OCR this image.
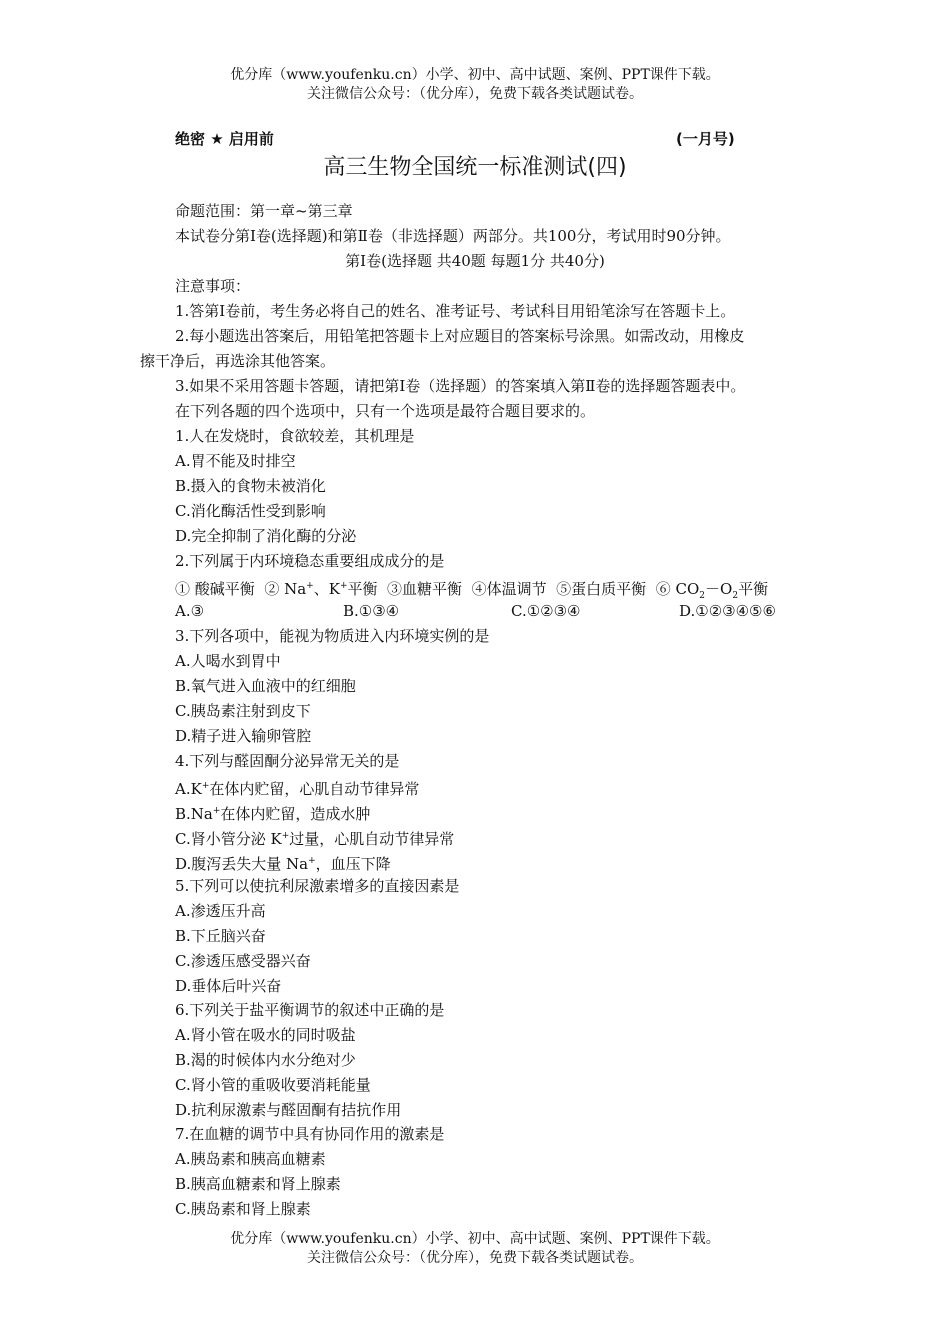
优分库（www.youfenku.cn）小学、初中、高中试题、案例、PPT课件下载。
关注微信公众号：（优分库），免费下载各类试题试卷。
绝密 ★ 启用前	(一月号)
高三生物全国统一标准测试(四)
命题范围：第一章~第三章
本试卷分第Ⅰ卷(选择题)和第Ⅱ卷（非选择题）两部分。共100分，考试用时90分钟。
第Ⅰ卷(选择题 共40题 每题1分 共40分)
注意事项：
1.答第Ⅰ卷前，考生务必将自己的姓名、准考证号、考试科目用铅笔涂写在答题卡上。
2.每小题选出答案后，用铅笔把答题卡上对应题目的答案标号涂黑。如需改动，用橡皮
擦干净后，再选涂其他答案。
3.如果不采用答题卡答题，请把第Ⅰ卷（选择题）的答案填入第Ⅱ卷的选择题答题表中。
在下列各题的四个选项中，只有一个选项是最符合题目要求的。
1.人在发烧时，食欲较差，其机理是
A.胃不能及时排空
B.摄入的食物未被消化
C.消化酶活性受到影响
D.完全抑制了消化酶的分泌
2.下列属于内环境稳态重要组成成分的是
① 酸碱平衡 ② Na+、K+平衡 ③血糖平衡 ④体温调节 ⑤蛋白质平衡 ⑥ $CO_2-O_2$平衡
A.③	B.①③④	C.①②③④	D.①②③④⑤⑥
3.下列各项中，能视为物质进入内环境实例的是
A.人喝水到胃中
B.氧气进入血液中的红细胞
C.胰岛素注射到皮下
D.精子进入输卵管腔
4.下列与醛固酮分泌异常无关的是
A.K+在体内贮留，心肌自动节律异常
B.Na+在体内贮留，造成水肿
C.肾小管分泌 K+过量，心肌自动节律异常
D.腹泻丢失大量 Na+，血压下降
5.下列可以使抗利尿激素增多的直接因素是
A.渗透压升高
B.下丘脑兴奋
C.渗透压感受器兴奋
D.垂体后叶兴奋
6.下列关于盐平衡调节的叙述中正确的是
A.肾小管在吸水的同时吸盐
B.渴的时候体内水分绝对少
C.肾小管的重吸收要消耗能量
D.抗利尿激素与醛固酮有拮抗作用
7.在血糖的调节中具有协同作用的激素是
A.胰岛素和胰高血糖素
B.胰高血糖素和肾上腺素
C.胰岛素和肾上腺素
优分库（www.youfenku.cn）小学、初中、高中试题、案例、PPT课件下载。
关注微信公众号：（优分库），免费下载各类试题试卷。
